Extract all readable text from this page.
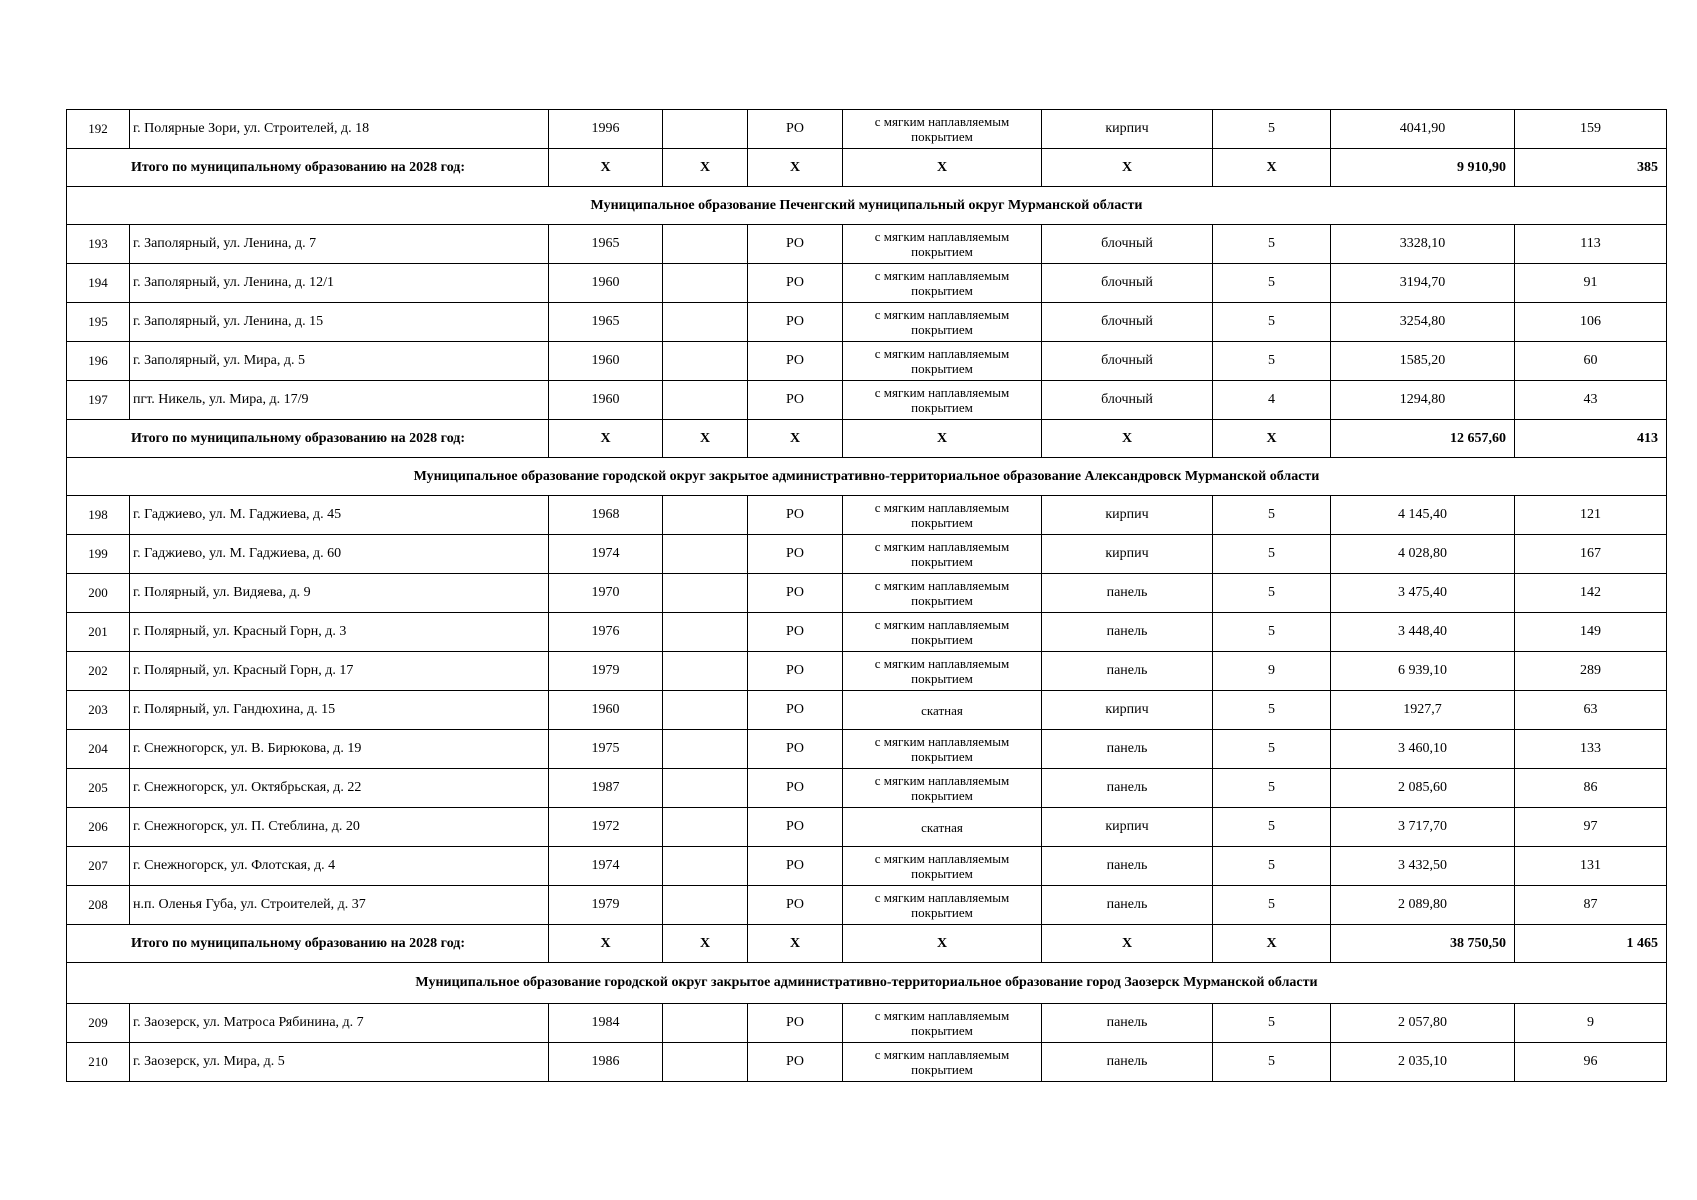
192	г. Полярные Зори, ул. Строителей, д. 18	1996		РО	с мягким наплавляемым покрытием	кирпич	5	4041,90	159
Итого по муниципальному образованию на 2028 год:		X	X	X	X	X	X	9 910,90	385
Муниципальное образование Печенгский муниципальный округ Мурманской области									
193	г. Заполярный, ул. Ленина, д. 7	1965		РО	с мягким наплавляемым покрытием	блочный	5	3328,10	113
194	г. Заполярный, ул. Ленина, д. 12/1	1960		РО	с мягким наплавляемым покрытием	блочный	5	3194,70	91
195	г. Заполярный, ул. Ленина, д. 15	1965		РО	с мягким наплавляемым покрытием	блочный	5	3254,80	106
196	г. Заполярный, ул. Мира, д. 5	1960		РО	с мягким наплавляемым покрытием	блочный	5	1585,20	60
197	пгт. Никель, ул. Мира, д. 17/9	1960		РО	с мягким наплавляемым покрытием	блочный	4	1294,80	43
Итого по муниципальному образованию на 2028 год:		X	X	X	X	X	X	12 657,60	413
Муниципальное образование городской округ закрытое административно-территориальное образование Александровск Мурманской области									
198	г. Гаджиево, ул. М. Гаджиева, д. 45	1968		РО	с мягким наплавляемым покрытием	кирпич	5	4 145,40	121
199	г. Гаджиево, ул. М. Гаджиева, д. 60	1974		РО	с мягким наплавляемым покрытием	кирпич	5	4 028,80	167
200	г. Полярный, ул. Видяева, д. 9	1970		РО	с мягким наплавляемым покрытием	панель	5	3 475,40	142
201	г. Полярный, ул. Красный Горн, д. 3	1976		РО	с мягким наплавляемым покрытием	панель	5	3 448,40	149
202	г. Полярный, ул. Красный Горн, д. 17	1979		РО	с мягким наплавляемым покрытием	панель	9	6 939,10	289
203	г. Полярный, ул. Гандюхина, д. 15	1960		РО	скатная	кирпич	5	1927,7	63
204	г. Снежногорск, ул. В. Бирюкова, д. 19	1975		РО	с мягким наплавляемым покрытием	панель	5	3 460,10	133
205	г. Снежногорск, ул. Октябрьская, д. 22	1987		РО	с мягким наплавляемым покрытием	панель	5	2 085,60	86
206	г. Снежногорск, ул. П. Стеблина, д. 20	1972		РО	скатная	кирпич	5	3 717,70	97
207	г. Снежногорск, ул. Флотская, д. 4	1974		РО	с мягким наплавляемым покрытием	панель	5	3 432,50	131
208	н.п. Оленья Губа, ул. Строителей, д. 37	1979		РО	с мягким наплавляемым покрытием	панель	5	2 089,80	87
Итого по муниципальному образованию на 2028 год:		X	X	X	X	X	X	38 750,50	1 465
Муниципальное образование городской округ закрытое административно-территориальное образование город Заозерск Мурманской области									
209	г. Заозерск, ул. Матроса Рябинина, д. 7	1984		РО	с мягким наплавляемым покрытием	панель	5	2 057,80	9
210	г. Заозерск, ул. Мира, д. 5	1986		РО	с мягким наплавляемым покрытием	панель	5	2 035,10	96
